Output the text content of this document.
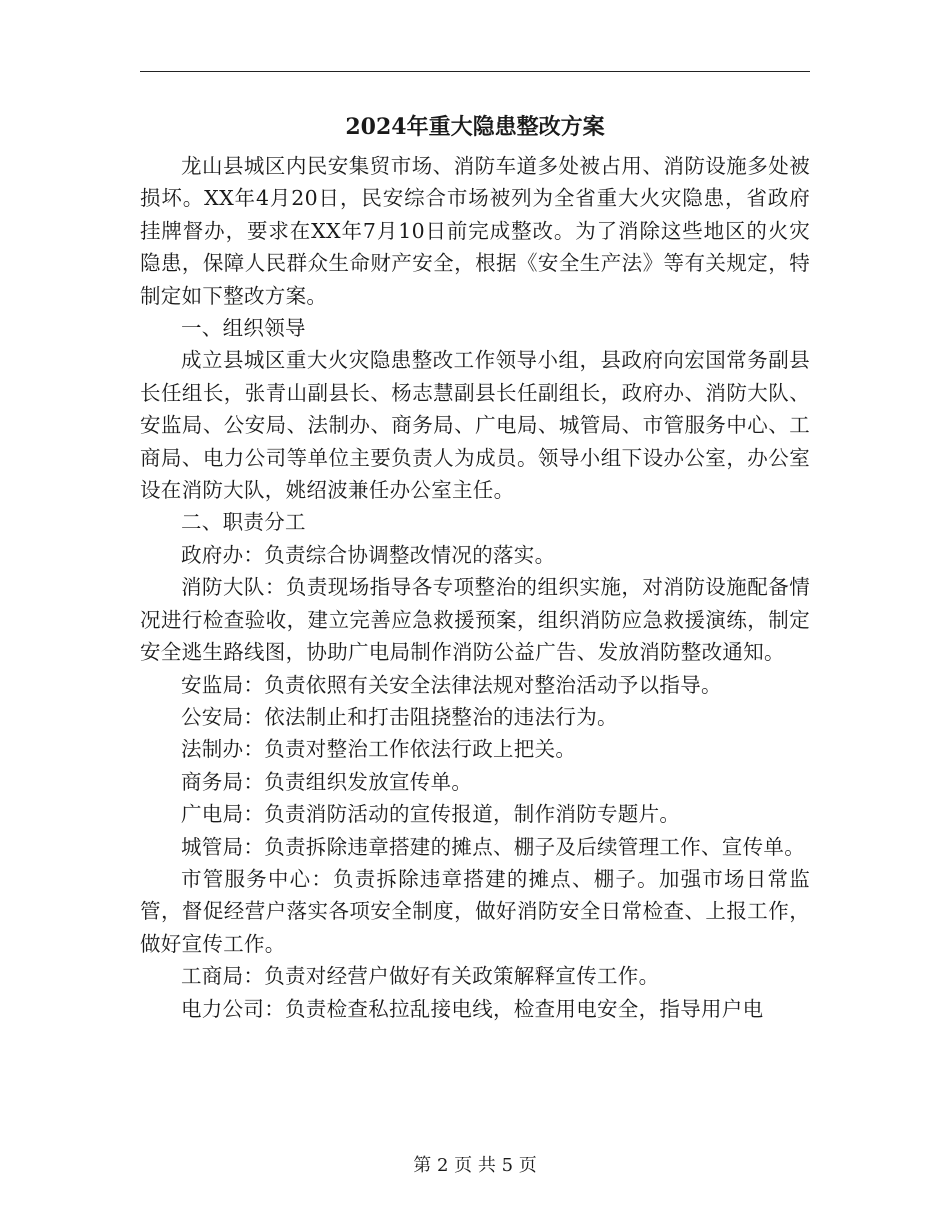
2024年重大隐患整改方案

龙山县城区内民安集贸市场、消防车道多处被占用、消防设施多处被损坏。XX年4月20日，民安综合市场被列为全省重大火灾隐患，省政府挂牌督办，要求在XX年7月10日前完成整改。为了消除这些地区的火灾隐患，保障人民群众生命财产安全，根据《安全生产法》等有关规定，特制定如下整改方案。

一、组织领导

成立县城区重大火灾隐患整改工作领导小组，县政府向宏国常务副县长任组长，张青山副县长、杨志慧副县长任副组长，政府办、消防大队、安监局、公安局、法制办、商务局、广电局、城管局、市管服务中心、工商局、电力公司等单位主要负责人为成员。领导小组下设办公室，办公室设在消防大队，姚绍波兼任办公室主任。

二、职责分工

政府办：负责综合协调整改情况的落实。

消防大队：负责现场指导各专项整治的组织实施，对消防设施配备情况进行检查验收，建立完善应急救援预案，组织消防应急救援演练，制定安全逃生路线图，协助广电局制作消防公益广告、发放消防整改通知。

安监局：负责依照有关安全法律法规对整治活动予以指导。

公安局：依法制止和打击阻挠整治的违法行为。

法制办：负责对整治工作依法行政上把关。

商务局：负责组织发放宣传单。

广电局：负责消防活动的宣传报道，制作消防专题片。

城管局：负责拆除违章搭建的摊点、棚子及后续管理工作、宣传单。

市管服务中心：负责拆除违章搭建的摊点、棚子。加强市场日常监管，督促经营户落实各项安全制度，做好消防安全日常检查、上报工作，做好宣传工作。

工商局：负责对经营户做好有关政策解释宣传工作。

电力公司：负责检查私拉乱接电线，检查用电安全，指导用户电

第 2 页 共 5 页
